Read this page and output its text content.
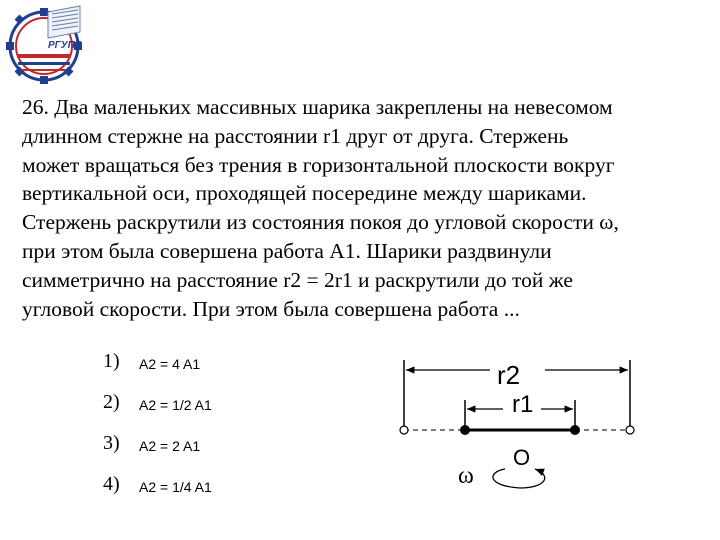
РГУПС

26. Два маленьких массивных шарика закреплены на невесомом

длинном стержне на расстоянии r1 друг от друга. Стержень

может вращаться без трения в горизонтальной плоскости вокруг

вертикальной оси, проходящей посередине между шариками.

Стержень раскрутили из состояния покоя до угловой скорости ω,

при этом была совершена работа А1. Шарики раздвинули

симметрично на расстояние r2 = 2r1 и раскрутили до той же

угловой скорости. При этом была совершена работа ...

1) A2 = 4 A1
2) A2 = 1/2 A1
3) A2 = 2 A1
4) A2 = 1/4 A1
r2
r1
O
ω
